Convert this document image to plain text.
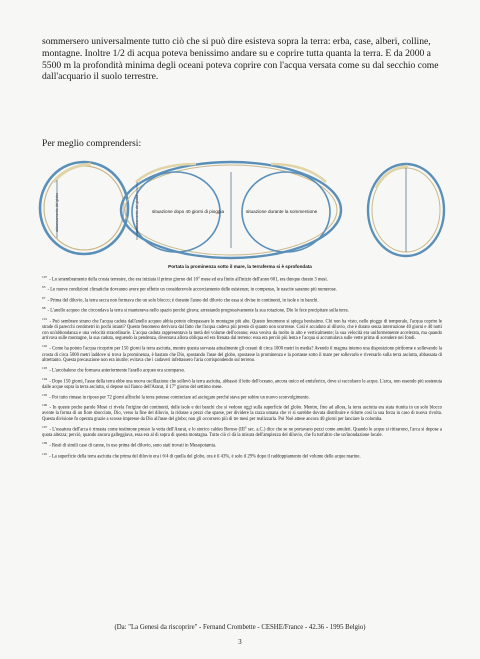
sommersero universalmente tutto ciò che si può dire esisteva sopra la terra: erba, case, alberi, colline, montagne. Inoltre 1/2 di acqua poteva benissimo andare su e coprire tutta quanta la terra. E da 2000 a 5500 m la profondità minima degli oceani poteva coprire con l'acqua versata come su dal secchio come dall'acquario il suolo terrestre.

Per meglio comprendersi:
abbassamento del globo	abbassamento del globo	situazione dopo 40 giorni di pioggia	situazione durante la sommersione
Portata la prominenza sotto il mare, la terraferma si è sprofondata

$^{107}$ - Lo smembramento della crosta terrestre, che era iniziata il primo giorno del 10° mese ed era finito all'inizio dell'anno 601, era dunque durato 3 mesi.

$^{95}$ - Le nuove condizioni climatiche dovranno avere per effetto un considerevole accorciamento delle esistenze; in compenso, le nascite saranno più numerose.

$^{97}$ - Prima del diluvio, la terra secca non formava che un solo blocco; è durante l'anno del diluvio che essa si divise in continenti, in isole e in banchi.

$^{98}$ - L'anello acqueo che circondava la terra si manteneva nello spazio perché girava; arrestando progressivamente la sua rotazione, Dio lo fece precipitare sulla terra.

$^{101}$ - Può sembrare strano che l'acqua caduta dall'anello acqueo abbia potuto oltrepassare le montagne più alte. Questo fenomeno si spiega benissimo. Chi non ha visto, nelle piogge di temporale, l'acqua coprire le strade di parecchi centimetri in pochi istanti? Questo fenomeno derivava dal fatto che l'acqua cadeva più presto di quanto non scorresse. Così è accaduto al diluvio, che è durato senza interruzione 40 giorni e 40 notti con un'abbondanza e una velocità straordinarie. L'acqua caduta rappresentava la metà del volume dell'oceano; essa veniva da molto in alto e verticalmente; la sua velocità era uniformemente accelerata, ma quando arrivava sulle montagne, la sua caduta, seguendo la pendenza, diventava allora obliqua ed era frenata dal terreno: essa era perciò più lenta e l'acqua si accumulava sulle vette prima di scendere nei fondi.

$^{102}$ - Come ha potuto l'acqua ricoprire per 150 giorni la terra asciutta, mentre questa sorvasta attualmente gli oceani di circa 1000 metri in media? Avendo il magma interno una disposizione piriforme e sollevando la crosta di circa 5000 metri laddove si trova la prominenza, è bastato che Dio, spostando l'asse del globo, spostasse la prominenza e la portasse sotto il mare per sollevarlo e riversarlo sulla terra asciutta, abbassata di altrettanto. Questa precauzione non era inutile; evitava che i cadaveri infettassero l'aria corrispondendo sul terreno.

$^{103}$ - L'arcobaleno che formava anteriormente l'anello acqueo era scomparso.

$^{104}$ - Dopo 150 giorni, l'asse della terra ebbe una nuova oscillazione che sollevò la terra asciutta, abbassò il letto dell'oceano, ancora unico ed emisferico, dove si raccolsero le acque. L'arca, non essendo più sostenuta dalle acque sopra la terra asciutta, si depose sul fianco dell'Ararat, il 17° giorno del settimo mese.

$^{105}$ - Poi tutto rimase in riposo per 72 giorni affinché la terra potesse cominciare ad asciugare perché stava per subire un nuovo sconvolgimento.

$^{106}$ - In queste poche parole Mosè ci rivela l'origine dei continenti, delle isole e dei banchi che si vedono oggi sulla superficie del globo. Mentre, fino ad allora, la terra asciutta era stata riunita in un solo blocco avente la forma di un fiore sbocciato, Dio, verso la fine del diluvio, la ridusse a pezzi che sparse, per dividere la razza umana che vi si sarebbe dovuta distribuire e ridurre così la sua forza in caso di nuova rivolta. Questa divisione fu operata grazie a scosse impresse da Dio all'asse del globo; non gli occorsero più di tre mesi per realizzarla. Poi Noè attese ancora 40 giorni per lanciare la colomba.

$^{107}$ - L'ossatura dell'arca è rimasta come testimone presso la vetta dell'Ararat, e lo storico caldeo Beroso (III° sec. a.C.) dice che se ne portavano pezzi come amuleti. Quando le acque si ritirarono, l'arca si depose a quota altezza; perciò, quando ancora galleggiava, essa era al di sopra di questa montagna. Tutto ciò ci dà la misura dell'ampiezza del diluvio, che fu tutt'altro che un'inondazione locale.

$^{109}$ - Resti di simili case di canne, in uso prima del diluvio, sono stati trovati in Mesopotamia.

$^{110}$ - La superficie della terra asciutta che prima del diluvio era i 6/4 di quella del globo, ora è il 43%, è solo il 29% dopo il raddoppiamento del volume delle acque marine.

(Da: "La Genesi da riscoprire" - Fernand Crombette - CESHE/France - 42.36 - 1995 Belgio)
3
